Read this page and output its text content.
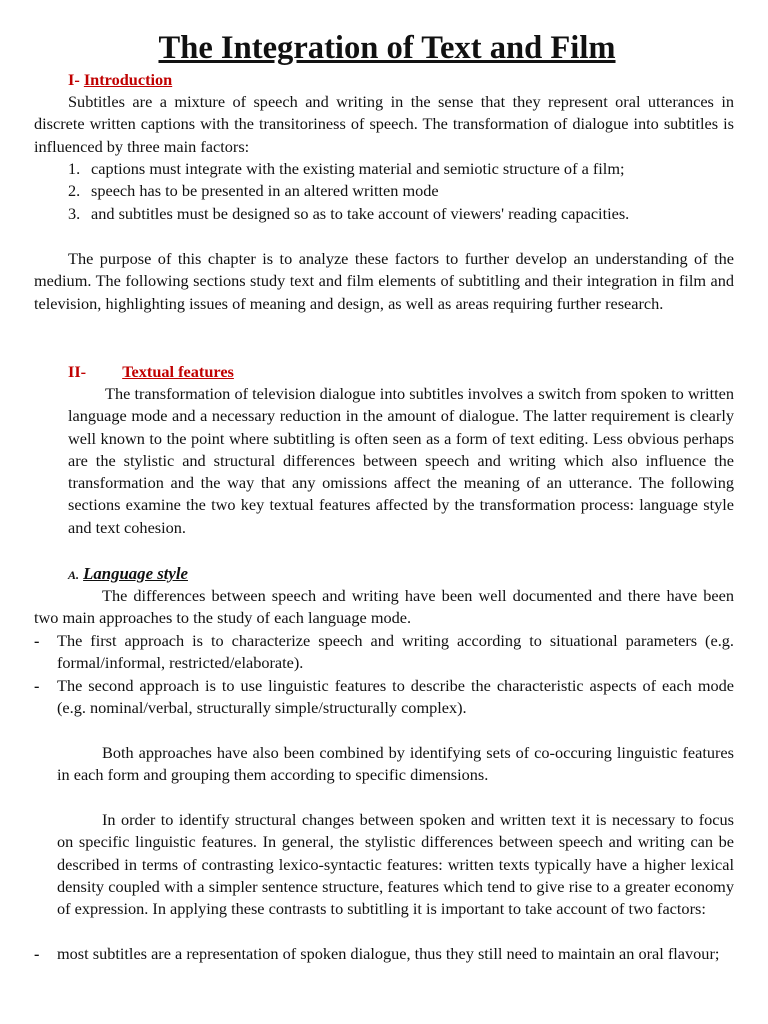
The Integration of Text and Film
I- Introduction

Subtitles are a mixture of speech and writing in the sense that they represent oral utterances in discrete written captions with the transitoriness of speech. The transformation of dialogue into subtitles is influenced by three main factors:

1. captions must integrate with the existing material and semiotic structure of a film;
2. speech has to be presented in an altered written mode
3. and subtitles must be designed so as to take account of viewers' reading capacities.

The purpose of this chapter is to analyze these factors to further develop an understanding of the medium. The following sections study text and film elements of subtitling and their integration in film and television, highlighting issues of meaning and design, as well as areas requiring further research.

II- Textual features

The transformation of television dialogue into subtitles involves a switch from spoken to written language mode and a necessary reduction in the amount of dialogue. The latter requirement is clearly well known to the point where subtitling is often seen as a form of text editing. Less obvious perhaps are the stylistic and structural differences between speech and writing which also influence the transformation and the way that any omissions affect the meaning of an utterance. The following sections examine the two key textual features affected by the transformation process: language style and text cohesion.

A. Language style

The differences between speech and writing have been well documented and there have been two main approaches to the study of each language mode.

- The first approach is to characterize speech and writing according to situational parameters (e.g. formal/informal, restricted/elaborate).
- The second approach is to use linguistic features to describe the characteristic aspects of each mode (e.g. nominal/verbal, structurally simple/structurally complex).

Both approaches have also been combined by identifying sets of co-occuring linguistic features in each form and grouping them according to specific dimensions.

In order to identify structural changes between spoken and written text it is necessary to focus on specific linguistic features. In general, the stylistic differences between speech and writing can be described in terms of contrasting lexico-syntactic features: written texts typically have a higher lexical density coupled with a simpler sentence structure, features which tend to give rise to a greater economy of expression. In applying these contrasts to subtitling it is important to take account of two factors:

- most subtitles are a representation of spoken dialogue, thus they still need to maintain an oral flavour;
